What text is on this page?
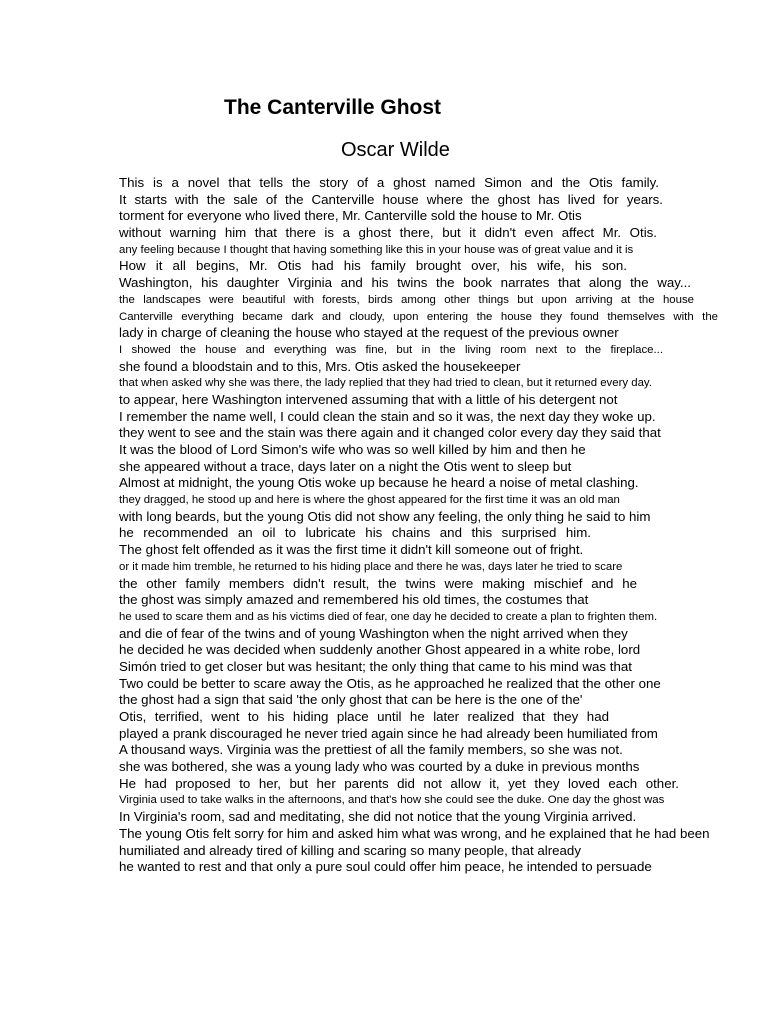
The Canterville Ghost
Oscar Wilde
This is a novel that tells the story of a ghost named Simon and the Otis family.
It starts with the sale of the Canterville house where the ghost has lived for years.
torment for everyone who lived there, Mr. Canterville sold the house to Mr. Otis
without warning him that there is a ghost there, but it didn't even affect Mr. Otis.
any feeling because I thought that having something like this in your house was of great value and it is
How it all begins, Mr. Otis had his family brought over, his wife, his son.
Washington, his daughter Virginia and his twins the book narrates that along the way...
the landscapes were beautiful with forests, birds among other things but upon arriving at the house
Canterville everything became dark and cloudy, upon entering the house they found themselves with the
lady in charge of cleaning the house who stayed at the request of the previous owner
I showed the house and everything was fine, but in the living room next to the fireplace...
she found a bloodstain and to this, Mrs. Otis asked the housekeeper
that when asked why she was there, the lady replied that they had tried to clean, but it returned every day.
to appear, here Washington intervened assuming that with a little of his detergent not
I remember the name well, I could clean the stain and so it was, the next day they woke up.
they went to see and the stain was there again and it changed color every day they said that
It was the blood of Lord Simon's wife who was so well killed by him and then he
she appeared without a trace, days later on a night the Otis went to sleep but
Almost at midnight, the young Otis woke up because he heard a noise of metal clashing.
they dragged, he stood up and here is where the ghost appeared for the first time it was an old man
with long beards, but the young Otis did not show any feeling, the only thing he said to him
he recommended an oil to lubricate his chains and this surprised him.
The ghost felt offended as it was the first time it didn't kill someone out of fright.
or it made him tremble, he returned to his hiding place and there he was, days later he tried to scare
the other family members didn't result, the twins were making mischief and he
the ghost was simply amazed and remembered his old times, the costumes that
he used to scare them and as his victims died of fear, one day he decided to create a plan to frighten them.
and die of fear of the twins and of young Washington when the night arrived when they
he decided he was decided when suddenly another Ghost appeared in a white robe, lord
Simón tried to get closer but was hesitant; the only thing that came to his mind was that
Two could be better to scare away the Otis, as he approached he realized that the other one
the ghost had a sign that said 'the only ghost that can be here is the one of the'
Otis, terrified, went to his hiding place until he later realized that they had
played a prank discouraged he never tried again since he had already been humiliated from
A thousand ways. Virginia was the prettiest of all the family members, so she was not.
she was bothered, she was a young lady who was courted by a duke in previous months
He had proposed to her, but her parents did not allow it, yet they loved each other.
Virginia used to take walks in the afternoons, and that's how she could see the duke. One day the ghost was
In Virginia's room, sad and meditating, she did not notice that the young Virginia arrived.
The young Otis felt sorry for him and asked him what was wrong, and he explained that he had been
humiliated and already tired of killing and scaring so many people, that already
he wanted to rest and that only a pure soul could offer him peace, he intended to persuade
